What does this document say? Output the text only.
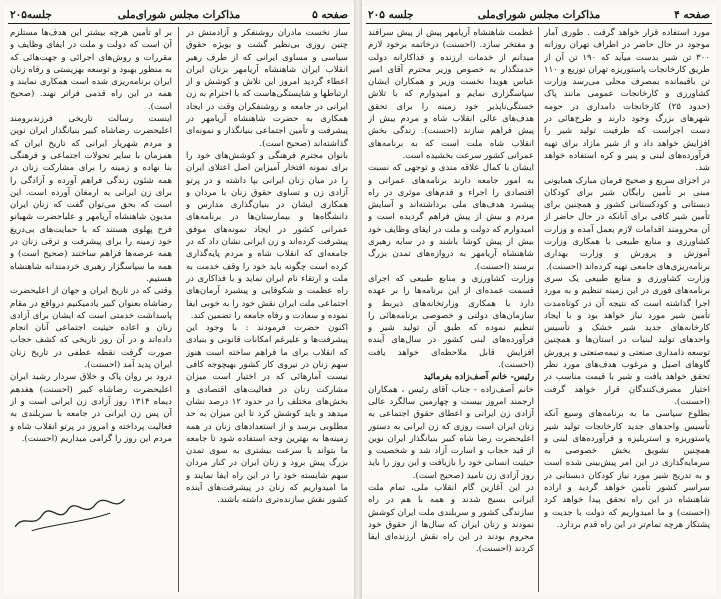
صفحه ۵
مذاکرات مجلس شورای‌ملی
جلسه‌۲۰۵

ساز نخست مادران روشنفکر و آزادمنش در چنین روزی بی‌نظیر گشت و بویژه حقوق سیاسی و مساوی ایرانی که از طرف رهبر انقلاب ایران شاهنشاه آریامهر بزنان ایران اعطاء گردید امروز این تلاش و کوشش و از ارتباطها و شایستگی‌هاست که با احترام به زن ایرانی در جامعه و روشنفکران وقت در ایجاد همکاری به حضرت شاهنشاه آریامهر در پیشرفت و تأمین اجتماعی بنیانگذار و نمونه‌ای گذاشته‌اند (صحیح است).

بانوان محترم فرهنگی و کوشش‌های خود را برای نمونه افتخار آمیزاین اصل اعتلای ایران را در میان زنان ایرانی بپا داشته و در پرتو آزادی زن و تساوی حقوق زنان با مردان و همکاری ایشان در بنیان‌گذاری مدارس و دانشگاه‌ها و بیمارستان‌ها در برنامه‌های عمرانی کشور در ایجاد نمونه‌های موفق پیشرفت کرده‌اند و زن ایرانی نشان داد که در جامعه‌ای که انقلاب شاه و مردم پایه‌گذاری کرده است چگونه باید خود را وقف خدمت به ملت و ارتقاء نام ایران نماید و با فداکاری در راه عظمت و شکوفایی و پیشبرد آرمان‌های اجتماعی ملت ایران نقش خود را به خوبی ایفا نموده و سعادت و رفاه جامعه را تضمین کند.

اکنون حضرت فرمودند : با وجود این پیشرفت‌ها و علیرغم امکانات قانونی و بنیادی که انقلاب برای ما فراهم ساخته است هنوز سهم زنان در نیروی کار کشور بهیچوجه کافی نیست آمارهائی که در اختیار است میزان مشارکت زنان در فعالیت‌های اقتصادی و بخش‌های مختلف را در حدود ۱۲ درصد نشان میدهد و باید کوشش کرد تا این میزان به حد مطلوبی برسد و از استعدادهای زنان در همه زمینه‌ها به بهترین وجه استفاده شود تا جامعه ما بتواند با سرعت بیشتری به سوی تمدن بزرگ پیش برود و زنان ایران در کنار مردان سهم شایسته خود را در این راه ایفا نمایند و ما امیدواریم که زنان در پیشرفت‌های آینده کشور نقش سازنده‌تری داشته باشند.

بر او تأمین هرچه بیشتر این هدف‌ها مستلزم آن است که دولت و ملت در ایفای وظایف و مقررات و روش‌های اجرائی و جهت‌هائی که به منظور بهبود و توسعه بهزیستی و رفاه زنان ایران برنامه‌ریزی شده است همکاری نمایند و همه در این راه قدمی فراتر نهند. (صحیح است).

اینست رسالت تاریخی فرزندبرومند اعلیحضرت رضاشاه کبیر بنیانگذار ایران نوین و مردم شهریار ایرانی که تاریخ ایران که همزمان با سایر تحولات اجتماعی و فرهنگی بنا نهاده و زمینه را برای مشارکت زنان در همه شئون زندگی فراهم آورده و آزادگی را برای زن ایرانی به ارمغان آورده است. این است که بحق می‌توان گفت که زنان ایران مدیون شاهنشاه آریامهر و علیاحضرت شهبانو فرح پهلوی هستند که با حمایت‌های بی‌دریغ خود زمینه را برای پیشرفت و ترقی زنان در همه عرصه‌ها فراهم ساختند (صحیح است) و همه ما سپاسگزار رهبری خردمندانه شاهنشاه هستیم.

وقتی که در تاریخ ایران و جهان از اعلیحضرت رضاشاه بعنوان کبیر یادمیکنیم درواقع در مقام پاسداشت خدمتی است که ایشان برای آزادی زنان و اعاده حیثیت اجتماعی آنان انجام داده‌اند و در آن روز تاریخی که کشف حجاب صورت گرفت نقطه عطفی در تاریخ زنان ایران پدید آمد (احسنت).

درود بر روان پاک و خلاق سردار رشید ایران اعلیحضرت رضاشاه کبیر (احسنت) هفدهم دیماه ۱۳۱۴ روز آزادی زن ایرانی است و از آن پس زن ایرانی در جامعه با سربلندی به فعالیت پرداخته و امروز در پرتو انقلاب شاه و مردم این روز را گرامی میداریم (احسنت).

صفحه ۴
مذاکرات مجلس شورای‌ملی
جلسه ۲۰۵

مورد استفاده قرار خواهد گرفت . طوری آمار موجود در حال حاضر در اطراف تهران روزانه ۳۰۰ تن شیر بدست میآید که ۱۹۰ تن آن از طریق کارخانجات پاستوریزه تهران توزیع و ۱۱۰ تن باقیمانده بمصرف محلی می‌رسد وزارت کشاورزی و کارخانجات عمومی مانند پاک (حدود ۲۵) کارخانجات دامداری در حومه شهرهای بزرگ وجود دارند و طرح‌هائی در دست اجراست که ظرفیت تولید شیر را افزایش خواهد داد و از شیر مازاد برای تهیه فرآورده‌های لبنی و پنیر و کره استفاده خواهد شد.

در اجرای سریع و صحیح فرمان مبارک همایونی مبنی بر تأمین رایگان شیر برای کودکان دبستانی و کودکستانی کشور و همچنین برای تأمین شیر کافی برای آنانکه در حال حاضر از آن محرومند اقدامات لازم بعمل آمده و وزارت کشاورزی و منابع طبیعی با همکاری وزارت آموزش و پرورش و وزارت بهداری برنامه‌ریزی‌های جامعی تهیه کرده‌اند (احسنت).

وزارت کشاورزی و منابع طبیعی یک سری برنامه‌های فوری در این زمینه تنظیم و به مورد اجرا گذاشته است که نتیجه آن در کوتاه‌مدت تأمین شیر مورد نیاز خواهد بود و با ایجاد کارخانه‌های جدید شیر خشک و تأسیس واحدهای تولید لبنیات در استان‌ها و همچنین توسعه دامداری صنعتی و نیمه‌صنعتی و پرورش گاوهای اصیل و مرغوب هدف‌های مورد نظر تحقق خواهد یافت و شیر با قیمت مناسب در اختیار مصرف‌کنندگان قرار خواهد گرفت (احسنت).

بطلوع سیاسی ما به برنامه‌های وسیع آنکه تأسیس واحدهای جدید کارخانجات تولید شیر پاستوریزه و استریلیزه و فرآورده‌های لبنی و همچنین تشویق بخش خصوصی به سرمایه‌گذاری در این امر پیش‌بینی شده است و به تدریج شیر مورد نیاز کودکان دبستانی در سراسر کشور تأمین خواهد گردید و اراده شاهنشاه در این راه تحقق پیدا خواهد کرد (احسنت) و ما امیدواریم که دولت با جدیت و پشتکار هرچه تمام‌تر در این راه قدم بردارد.

عظمت شاهنشاه آریامهر پیش از پیش سرافند و مفتخر سازد. (احسنت) درخاتمه برخود لازم میدانم از خدمات ارزنده و فداکارانه دولت خدمتگذار به خصوص وزیر محترم آقای امیر عباس هویدا نخست وزیر و همکاران ایشان سپاسگزاری نمایم و امیدوارم که با تلاش خستگی‌ناپذیر خود زمینه را برای تحقق هدف‌های عالی انقلاب شاه و مردم بیش از پیش فراهم سازند (احسنت). زندگی بخش انقلاب شاه ملت است که به برنامه‌های عمرانی کشور سرعت بخشیده است.

ایشان با کمال علاقه مندی و توجهی که نسبت به امور جامعه دارند برنامه‌های عمرانی و اقتصادی را اجراء و قدم‌های موثری در راه پیشبرد هدف‌های ملی برداشته‌اند و آسایش مردم و بیش از پیش فراهم گردیده است و امیدوارم که دولت و ملت در ایفای وظایف خود بیش از پیش کوشا باشند و در سایه رهبری شاهنشاه آریامهر به دروازه‌های تمدن بزرگ برسند (احسنت).

وزارت کشاورزی و منابع طبیعی که اجرای قسمت عمده‌ای از این برنامه‌ها را بر عهده دارد با همکاری وزارتخانه‌های ذیربط و سازمان‌های دولتی و خصوصی برنامه‌هائی را تنظیم نموده که طبق آن تولید شیر و فرآورده‌های لبنی کشور در سال‌های آینده افزایش قابل ملاحظه‌ای خواهد یافت (احسنت).

رئیس- خانم آصف‌زاده بفرمائید

خانم آصف‌زاده - جناب آقای رئیس ، همکاران ارجمند امروز بیست و چهارمین سالگرد عالی آزادی زن ایرانی و اعطای حقوق اجتماعی به زنان ایران است روزی که زن ایرانی به دستور اعلیحضرت رضا شاه کبیر بنیانگذار ایران نوین از قید حجاب و اسارت آزاد شد و شخصیت و حیثیت انسانی خود را بازیافت و این روز را باید روز آزادی زن نامید (صحیح است).

در این آغازین گام انقلاب ملی، تمام ملت ایرانی بسیج شدند و همه با هم در راه سازندگی کشور و سربلندی ملت ایران کوشش نمودند و زنان ایران که سال‌ها از حقوق خود محروم بودند در این راه نقش ارزنده‌ای ایفا کردند (احسنت).
